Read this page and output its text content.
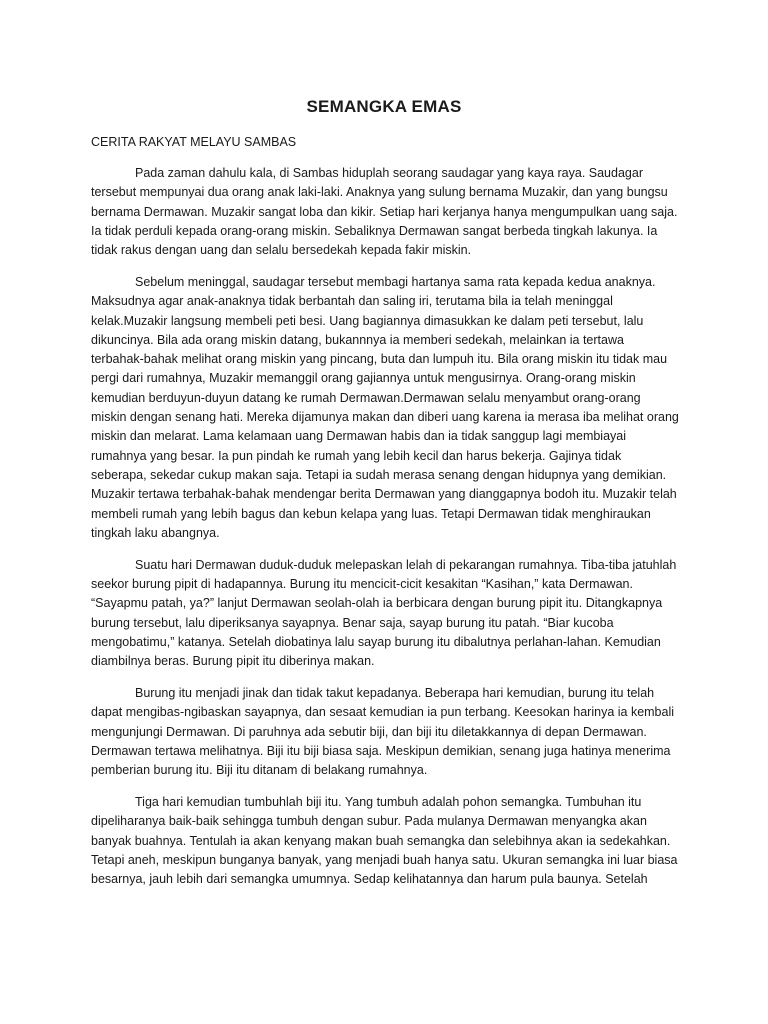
SEMANGKA EMAS

CERITA RAKYAT MELAYU SAMBAS

Pada zaman dahulu kala, di Sambas hiduplah seorang saudagar yang kaya raya. Saudagar tersebut mempunyai dua orang anak laki-laki. Anaknya yang sulung bernama Muzakir, dan yang bungsu bernama Dermawan. Muzakir sangat loba dan kikir. Setiap hari kerjanya hanya mengumpulkan uang saja. Ia tidak perduli kepada orang-orang miskin. Sebaliknya Dermawan sangat berbeda tingkah lakunya. Ia tidak rakus dengan uang dan selalu bersedekah kepada fakir miskin.

Sebelum meninggal, saudagar tersebut membagi hartanya sama rata kepada kedua anaknya. Maksudnya agar anak-anaknya tidak berbantah dan saling iri, terutama bila ia telah meninggal kelak.Muzakir langsung membeli peti besi. Uang bagiannya dimasukkan ke dalam peti tersebut, lalu dikuncinya. Bila ada orang miskin datang, bukannnya ia memberi sedekah, melainkan ia tertawa terbahak-bahak melihat orang miskin yang pincang, buta dan lumpuh itu. Bila orang miskin itu tidak mau pergi dari rumahnya, Muzakir memanggil orang gajiannya untuk mengusirnya. Orang-orang miskin kemudian berduyun-duyun datang ke rumah Dermawan.Dermawan selalu menyambut orang-orang miskin dengan senang hati. Mereka dijamunya makan dan diberi uang karena ia merasa iba melihat orang miskin dan melarat. Lama kelamaan uang Dermawan habis dan ia tidak sanggup lagi membiayai rumahnya yang besar. Ia pun pindah ke rumah yang lebih kecil dan harus bekerja. Gajinya tidak seberapa, sekedar cukup makan saja. Tetapi ia sudah merasa senang dengan hidupnya yang demikian. Muzakir tertawa terbahak-bahak mendengar berita Dermawan yang dianggapnya bodoh itu. Muzakir telah membeli rumah yang lebih bagus dan kebun kelapa yang luas. Tetapi Dermawan tidak menghiraukan tingkah laku abangnya.

Suatu hari Dermawan duduk-duduk melepaskan lelah di pekarangan rumahnya. Tiba-tiba jatuhlah seekor burung pipit di hadapannya. Burung itu mencicit-cicit kesakitan “Kasihan,” kata Dermawan. “Sayapmu patah, ya?” lanjut Dermawan seolah-olah ia berbicara dengan burung pipit itu. Ditangkapnya burung tersebut, lalu diperiksanya sayapnya. Benar saja, sayap burung itu patah. “Biar kucoba mengobatimu,” katanya. Setelah diobatinya lalu sayap burung itu dibalutnya perlahan-lahan. Kemudian diambilnya beras. Burung pipit itu diberinya makan.

Burung itu menjadi jinak dan tidak takut kepadanya. Beberapa hari kemudian, burung itu telah dapat mengibas-ngibaskan sayapnya, dan sesaat kemudian ia pun terbang. Keesokan harinya ia kembali mengunjungi Dermawan. Di paruhnya ada sebutir biji, dan biji itu diletakkannya di depan Dermawan. Dermawan tertawa melihatnya. Biji itu biji biasa saja. Meskipun demikian, senang juga hatinya menerima pemberian burung itu. Biji itu ditanam di belakang rumahnya.

Tiga hari kemudian tumbuhlah biji itu. Yang tumbuh adalah pohon semangka. Tumbuhan itu dipeliharanya baik-baik sehingga tumbuh dengan subur. Pada mulanya Dermawan menyangka akan banyak buahnya. Tentulah ia akan kenyang makan buah semangka dan selebihnya akan ia sedekahkan. Tetapi aneh, meskipun bunganya banyak, yang menjadi buah hanya satu. Ukuran semangka ini luar biasa besarnya, jauh lebih dari semangka umumnya. Sedap kelihatannya dan harum pula baunya. Setelah
